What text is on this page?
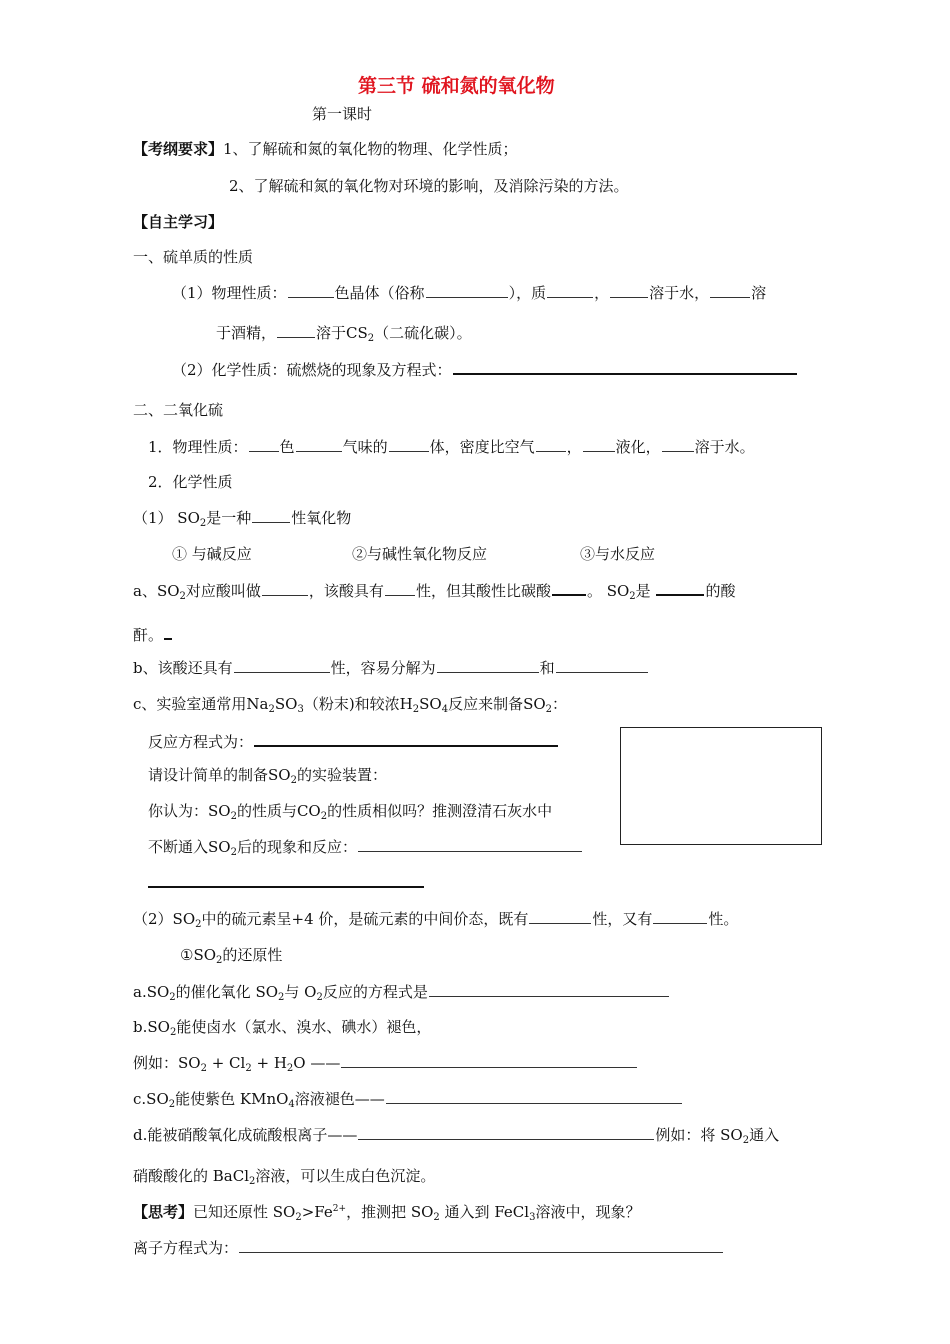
第三节 硫和氮的氧化物
第一课时
【考纲要求】1、了解硫和氮的氧化物的物理、化学性质；
2、了解硫和氮的氧化物对环境的影响，及消除污染的方法。
【自主学习】
一、硫单质的性质
（1）物理性质：	色晶体（俗称	），质	，	溶于水，	溶
于酒精，	溶于$CS_2$（二硫化碳）。
（2）化学性质：硫燃烧的现象及方程式：
二、二氧化硫
1．物理性质： 色	气味的	体，密度比空气 ， 液化， 溶于水。
2．化学性质
（1） $SO_2$是一种	性氧化物
① 与碱反应	②与碱性氧化物反应	③与水反应
a、$SO_2$对应酸叫做	，该酸具有 性，但其酸性比碳酸 。 $SO_2$是	的酸
酐。
b、该酸还具有	性，容易分解为	和
c、实验室通常用$Na_2SO_3$（粉末)和较浓$H_2SO_4$反应来制备$SO_2$：
反应方程式为：
请设计简单的制备$SO_2$的实验装置：
你认为：$SO_2$的性质与$CO_2$的性质相似吗？推测澄清石灰水中
不断通入$SO_2$后的现象和反应：
$(2)SO_2$中的硫元素呈+4 价，是硫元素的中间价态，既有	性，又有	性。
$①SO_2$的还原性
$a.SO_2$的催化氧化 $SO_2$与 $O_2$反应的方程式是
$b.SO_2$能使卤水（氯水、溴水、碘水）褪色，
例如：$SO_2 + Cl_2 + H_2O$ ——
$c.SO_2$能使紫色 KMnO$_4$溶液褪色——
d.能被硝酸氧化成硫酸根离子——	例如：将 $SO_2$通入
硝酸酸化的 BaCl$_2$溶液，可以生成白色沉淀。
【思考】已知还原性 $SO_2>Fe^{2+}$，推测把 $SO_2$ 通入到 FeCl$_3$溶液中，现象？
离子方程式为：
